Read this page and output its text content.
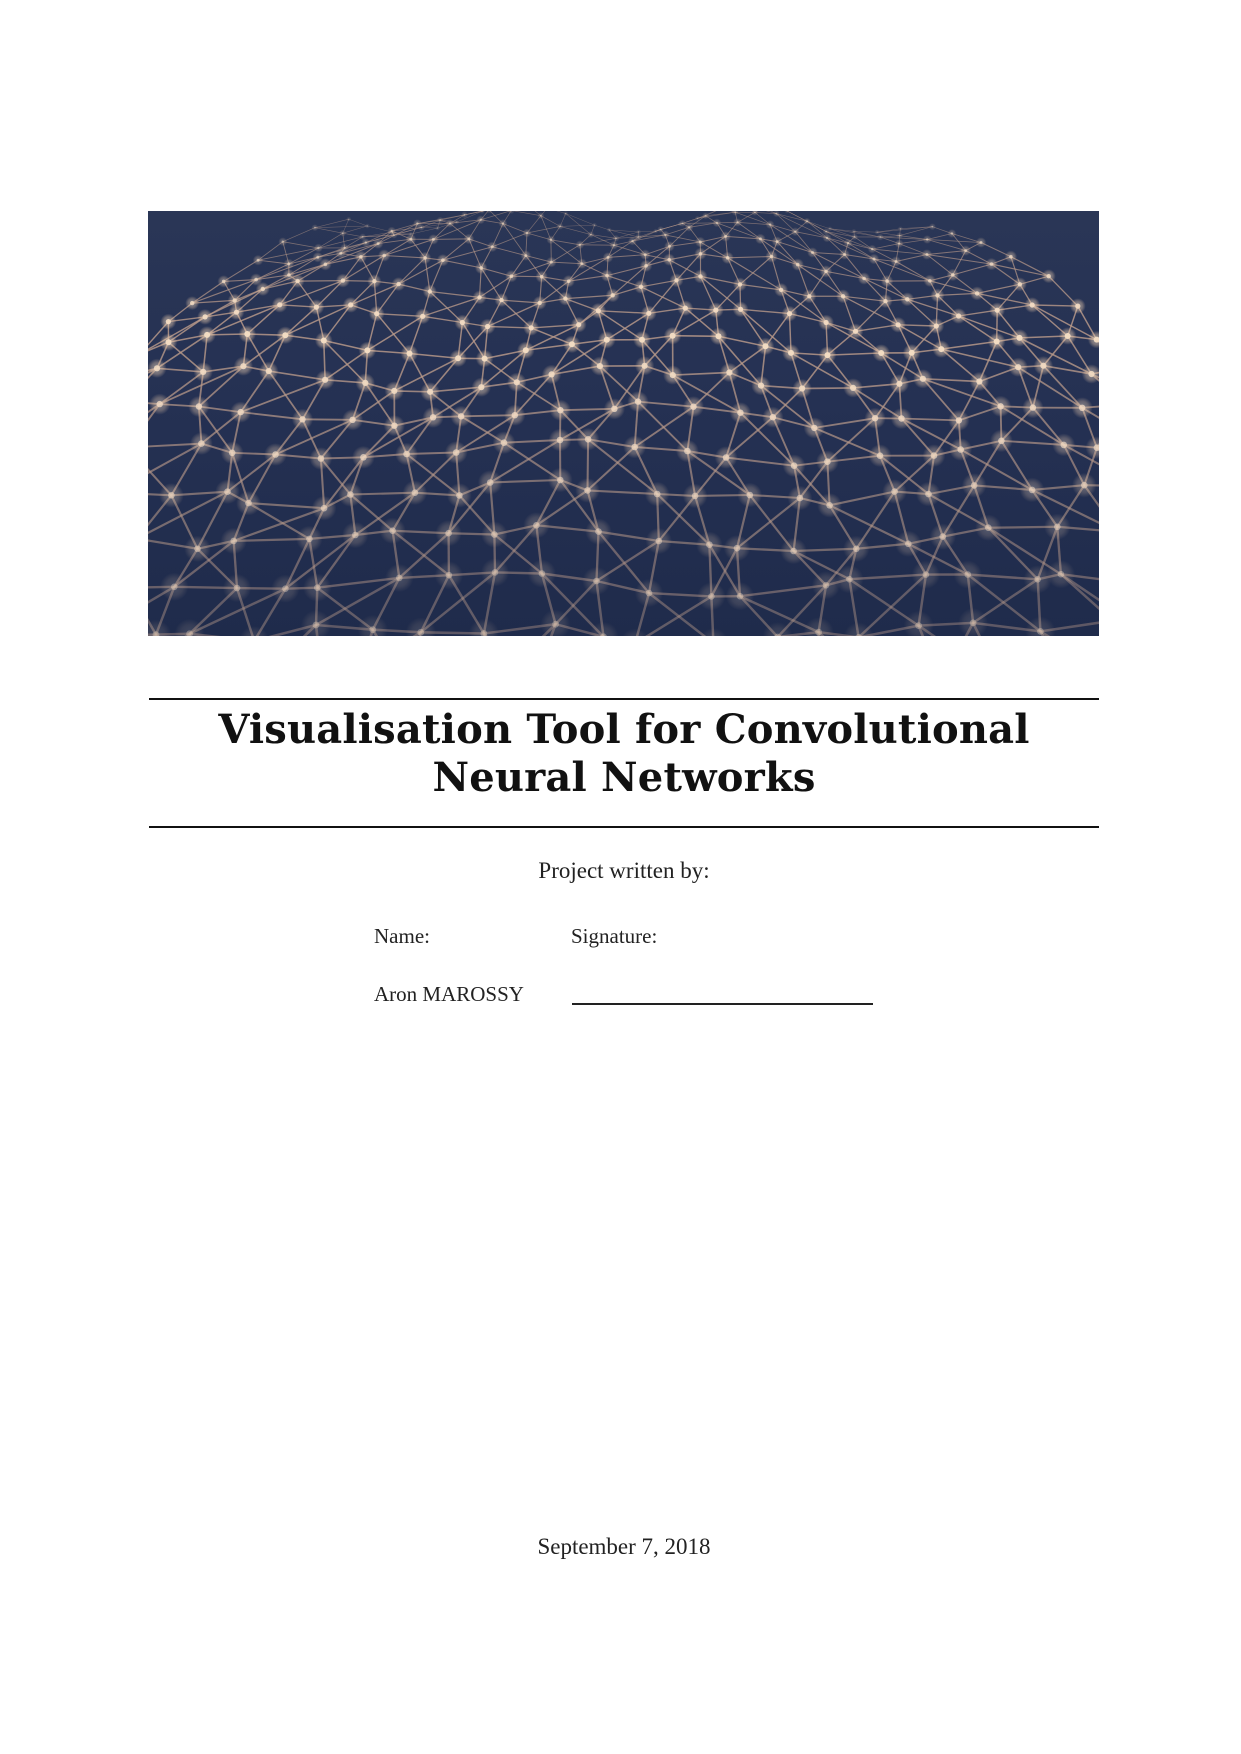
Visualisation Tool for Convolutional Neural Networks
Project written by:
Name:	Signature:
Aron MAROSSY
September 7, 2018
